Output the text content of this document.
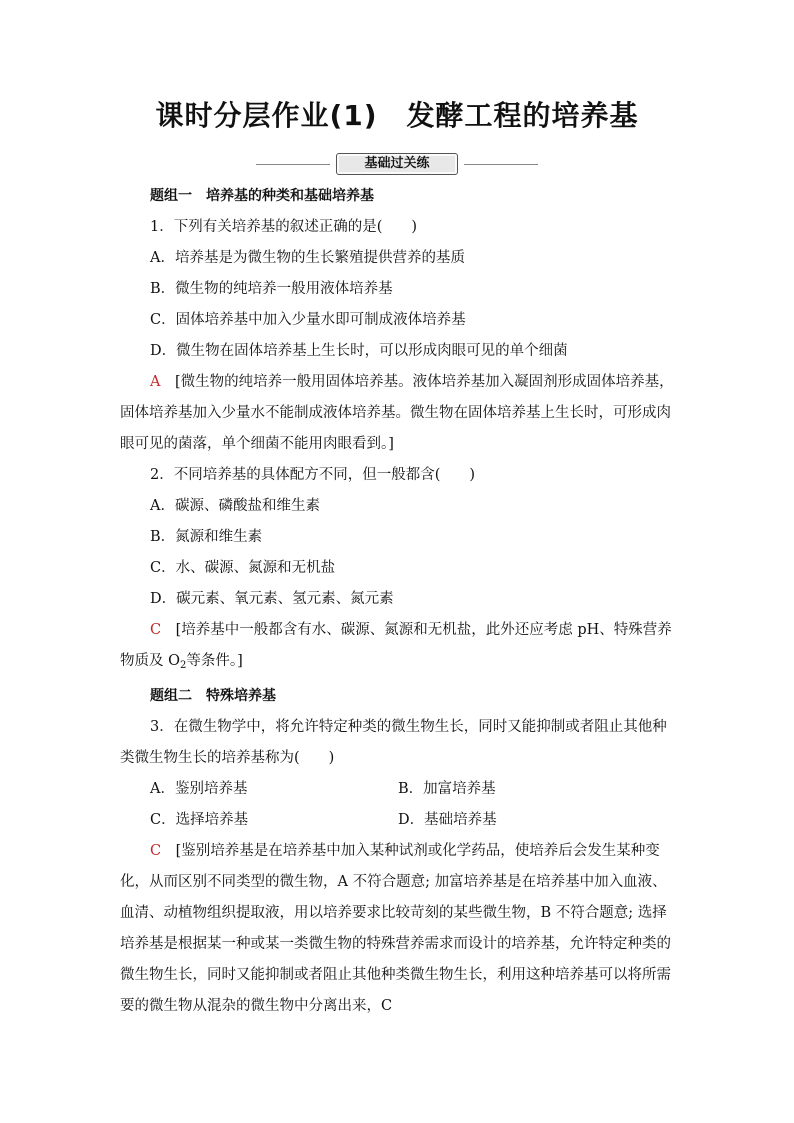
课时分层作业(1)　发酵工程的培养基
基础过关练

题组一　培养基的种类和基础培养基

1．下列有关培养基的叙述正确的是(　　)

A．培养基是为微生物的生长繁殖提供营养的基质

B．微生物的纯培养一般用液体培养基

C．固体培养基中加入少量水即可制成液体培养基

D．微生物在固体培养基上生长时，可以形成肉眼可见的单个细菌

A　[微生物的纯培养一般用固体培养基。液体培养基加入凝固剂形成固体培养基，固体培养基加入少量水不能制成液体培养基。微生物在固体培养基上生长时，可形成肉眼可见的菌落，单个细菌不能用肉眼看到。]

2．不同培养基的具体配方不同，但一般都含(　　)

A．碳源、磷酸盐和维生素

B．氮源和维生素

C．水、碳源、氮源和无机盐

D．碳元素、氧元素、氢元素、氮元素

C　[培养基中一般都含有水、碳源、氮源和无机盐，此外还应考虑 pH、特殊营养物质及 $O_2$等条件。]

题组二　特殊培养基

3．在微生物学中，将允许特定种类的微生物生长，同时又能抑制或者阻止其他种类微生物生长的培养基称为(　　)

A．鉴别培养基	B．加富培养基

C．选择培养基	D．基础培养基

C　[鉴别培养基是在培养基中加入某种试剂或化学药品，使培养后会发生某种变化，从而区别不同类型的微生物，A 不符合题意; 加富培养基是在培养基中加入血液、血清、动植物组织提取液，用以培养要求比较苛刻的某些微生物，B 不符合题意; 选择培养基是根据某一种或某一类微生物的特殊营养需求而设计的培养基，允许特定种类的微生物生长，同时又能抑制或者阻止其他种类微生物生长，利用这种培养基可以将所需要的微生物从混杂的微生物中分离出来，C
